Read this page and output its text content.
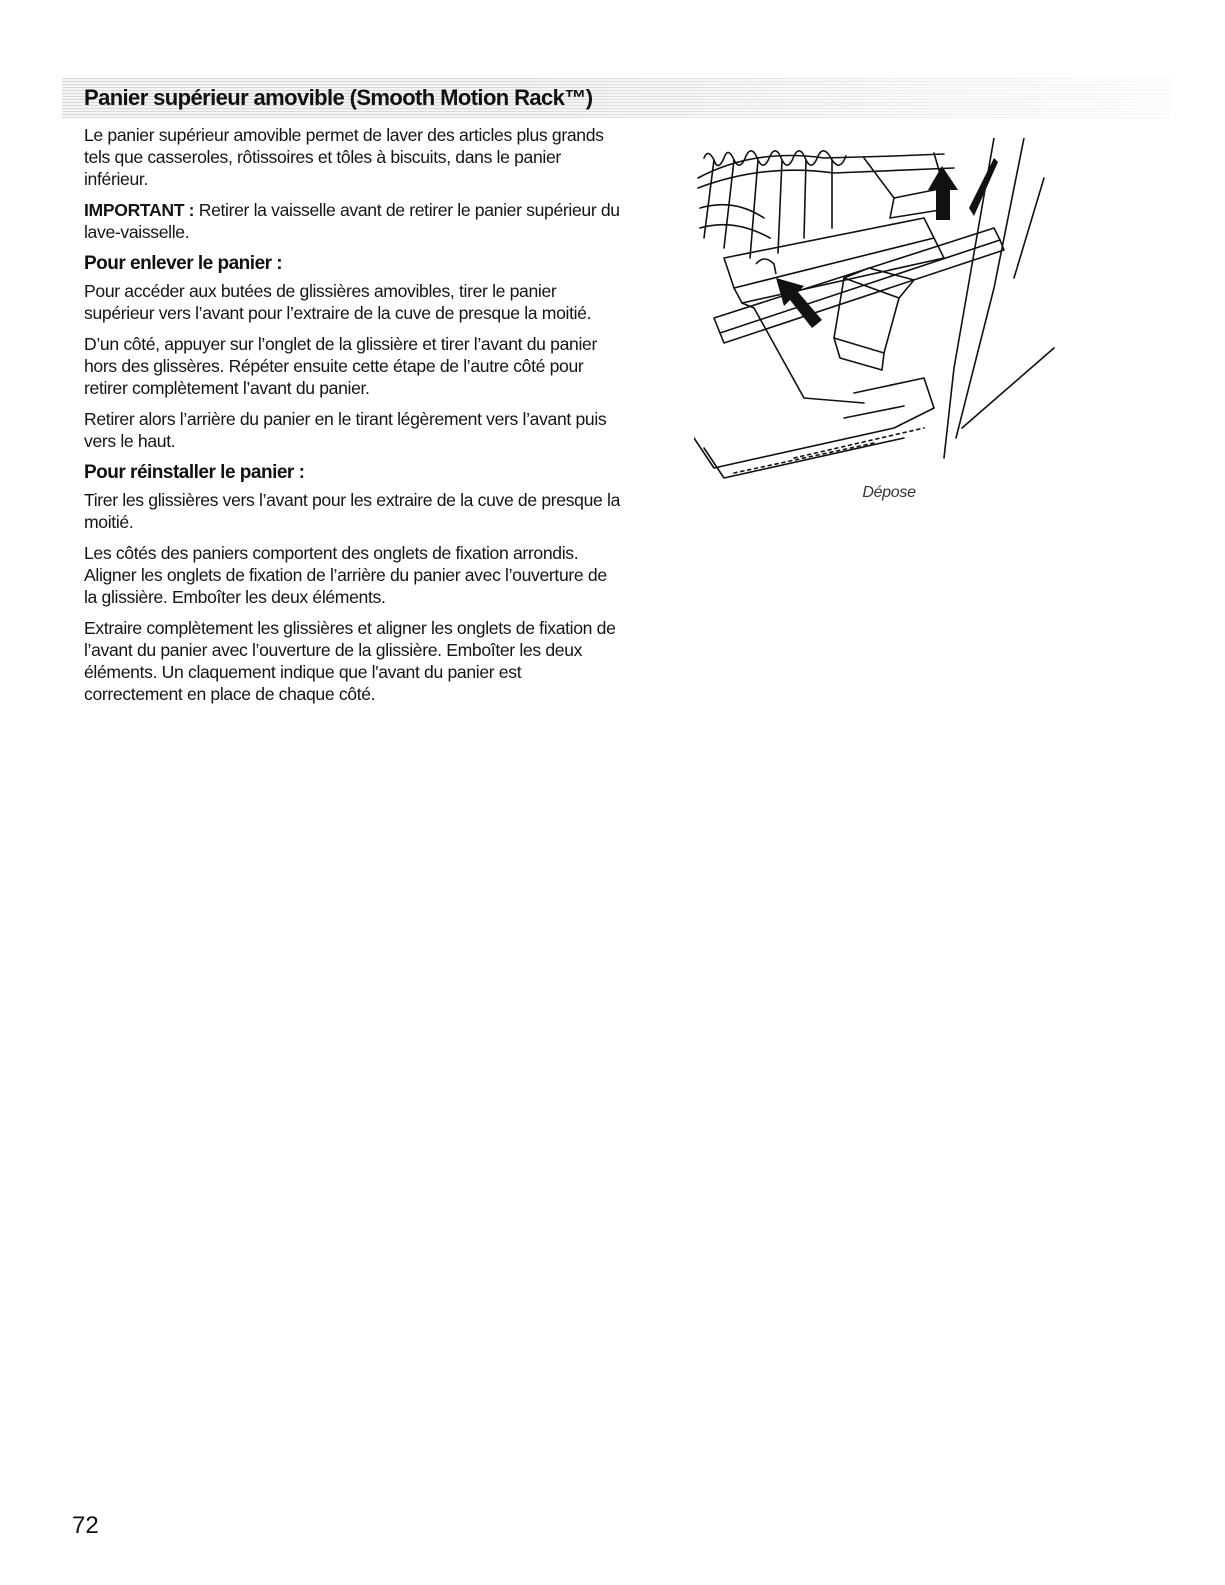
Panier supérieur amovible (Smooth Motion Rack™)

Le panier supérieur amovible permet de laver des articles plus grands tels que casseroles, rôtissoires et tôles à biscuits, dans le panier inférieur.

IMPORTANT : Retirer la vaisselle avant de retirer le panier supérieur du lave-vaisselle.

Pour enlever le panier :

Pour accéder aux butées de glissières amovibles, tirer le panier supérieur vers l’avant pour l’extraire de la cuve de presque la moitié.

D’un côté, appuyer sur l’onglet de la glissière et tirer l’avant du panier hors des glissères. Répéter ensuite cette étape de l’autre côté pour retirer complètement l’avant du panier.

Retirer alors l’arrière du panier en le tirant légèrement vers l’avant puis vers le haut.

Pour réinstaller le panier :

Tirer les glissières vers l’avant pour les extraire de la cuve de presque la moitié.

Les côtés des paniers comportent des onglets de fixation arrondis. Aligner les onglets de fixation de l’arrière du panier avec l’ouverture de la glissière. Emboîter les deux éléments.

Extraire complètement les glissières et aligner les onglets de fixation de l’avant du panier avec l’ouverture de la glissière. Emboîter les deux éléments. Un claquement indique que l'avant du panier est correctement en place de chaque côté.

Dépose
72
